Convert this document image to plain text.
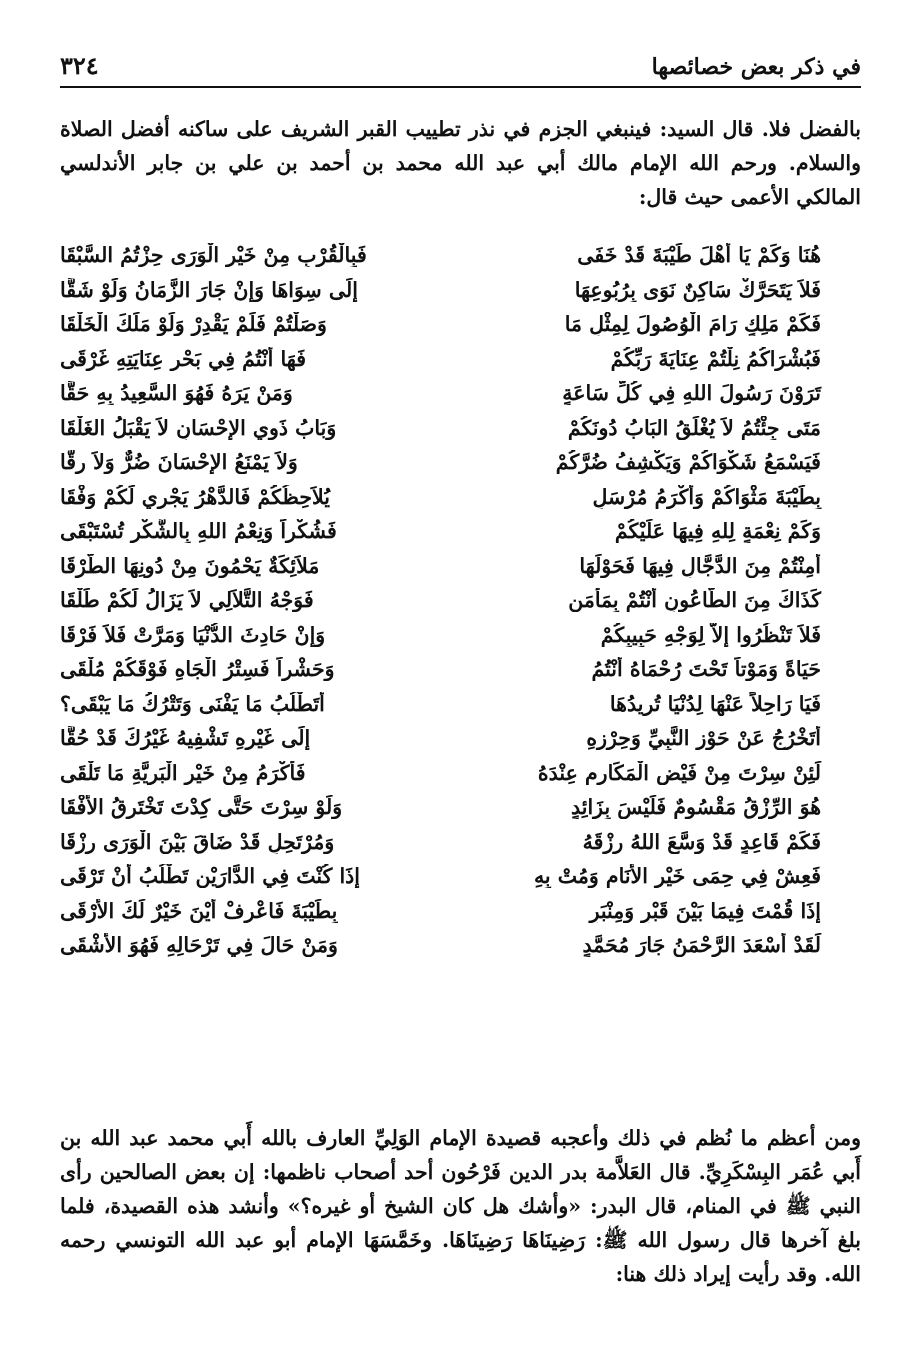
٣٢٤	في ذكر بعض خصائصها
بالفضل فلا. قال السيد: فينبغي الجزم في نذر تطييب القبر الشريف على ساكنه أفضل الصلاة والسلام. ورحم الله الإمام مالك أبي عبد الله محمد بن أحمد بن علي بن جابر الأندلسي المالكي الأعمى حيث قال:
هُنَا وَكَمْ يَا أَهْلَ طَيْبَةَ قَدْ خَفَى
فَبِالْقُرْبِ مِنْ خَيْرِ الْوَرَى حِزْتُمُ السَّبْقَا
فَلاَ يَتَحَرَّكْ سَاكِنٌ نَوَى بِرُبُوعِهَا
إِلَى سِوَاهَا وَإِنْ جَارَ الزَّمَانُ وَلَوْ شَقَّا
فَكَمْ مَلِكٍ رَامَ الْوُصُولَ لِمِثْلِ مَا
وَصَلْتُمْ فَلَمْ يَقْدِرْ وَلَوْ مَلَكَ الْخَلْقَا
فَبُشْرَاكُمُ نِلْتُمْ عِنَايَةَ رَبِّكُمْ
فَهَا أَنْتُمُ فِي بَحْرِ عِنَايَتِهِ غَرْقَى
تَرَوْنَ رَسُولَ اللهِ فِي كُلِّ سَاعَةٍ
وَمَنْ يَرَهُ فَهُوَ السَّعِيدُ بِهِ حَقًّا
مَتَى جِئْتُمُ لاَ يُغْلَقُ البَابُ دُونَكُمْ
وَبَابُ ذَوِي الإِحْسَانِ لاَ يَقْبَلُ الغَلْقَا
فَيَسْمَعُ شَكْوَاكُمْ وَيَكْشِفُ ضُرَّكُمْ
وَلاَ يَمْنَعُ الإِحْسَانَ ضُرٌّ وَلاَ رِقًّا
بِطَيْبَةَ مَثْوَاكُمْ وَأَكْرَمُ مُرْسَلٍ
يُلاَحِظُكُمْ فَالدَّهْرُ يَجْرِي لَكُمْ وَفْقَا
وَكَمْ نِعْمَةٍ لِلهِ فِيهَا عَلَيْكُمْ
فَشُكْراً وَنِعْمُ اللهِ بِالشُّكْرِ تُسْتَبْقَى
أَمِنْتُمْ مِنَ الدَّجَّالِ فِيهَا فَحَوْلَهَا
مَلاَئِكَةٌ يَحْمُونَ مِنْ دُونِهَا الطُّرْقَا
كَذَاكَ مِنَ الطَّاعُونِ أَنْتُمْ بِمَأْمَنٍ
فَوَجْهُ التَّلاَلِي لاَ يَزَالُ لَكُمْ طَلْقَا
فَلاَ تَنْظُرُوا إِلاَّ لِوَجْهِ حَبِيبِكُمْ
وَإِنْ حَادِثَ الدُّنْيَا وَمَرَّتْ فَلاَ فَرْقَا
حَيَاةً وَمَوْتاً تَحْتَ رُحْمَاهُ أَنْتُمُ
وَحَشْراً فَسِتْرُ الْجَاهِ فَوْقَكُمْ مُلْقَى
فَيَا رَاحِلاً عَنْهَا لِدُنْيَا تُرِيدُهَا
أَتَطْلُبُ مَا يَفْنَى وَتَتْرُكُ مَا يَبْقَى؟
أَتَخْرُجُ عَنْ حَوْزِ النَّبِيِّ وَحِرْزِهِ
إِلَى غَيْرِهِ تَشْفِيهُ غَيْرُكَ قَدْ حُقَّا
لَئِنْ سِرْتَ مِنْ فَيْضِ الْمَكَارِمِ عِنْدَهُ
فَأَكْرَمُ مِنْ خَيْرِ الْبَرِيَّةِ مَا تَلْقَى
هُوَ الرِّزْقُ مَقْسُومٌ فَلَيْسَ بِزَائِدٍ
وَلَوْ سِرْتَ حَتَّى كِدْتَ تَخْتَرِقُ الأُفْقَا
فَكَمْ قَاعِدٍ قَدْ وَسَّعَ اللهُ رِزْقَهُ
وَمُرْتَحِلٍ قَدْ ضَاقَ بَيْنَ الْوَرَى رِزْقَا
فَعِشْ فِي حِمَى خَيْرِ الأَنَامِ وَمُتْ بِهِ
إِذَا كُنْتَ فِي الدَّارَيْنِ تَطْلُبُ أَنْ تَرْقَى
إِذَا قُمْتَ فِيمَا بَيْنَ قَبْرٍ وَمِنْبَرٍ
بِطَيْبَةَ فَاعْرِفْ أَيْنَ خَيْرٌ لَكَ الأَرْقَى
لَقَدْ أَسْعَدَ الرَّحْمَنُ جَارَ مُحَمَّدٍ
وَمَنْ حَالَ فِي تَرْحَالِهِ فَهُوَ الأَشْقَى
ومن أعظم ما نُظم في ذلك وأعجبه قصيدة الإمام الوَلِيِّ العارف بالله أَبي محمد عبد الله بن أَبي عُمَر البِسْكَرِيِّ. قال العَلاَّمة بدر الدين فَرْحُون أحد أصحاب ناظمها: إن بعض الصالحين رأى النبي ﷺ في المنام، قال البدر: «وأشك هل كان الشيخ أو غيره؟» وأنشد هذه القصيدة، فلما بلغ آخرها قال رسول الله ﷺ: رَضِينَاهَا رَضِينَاهَا. وخَمَّسَهَا الإمام أبو عبد الله التونسي رحمه الله. وقد رأيت إيراد ذلك هنا:
